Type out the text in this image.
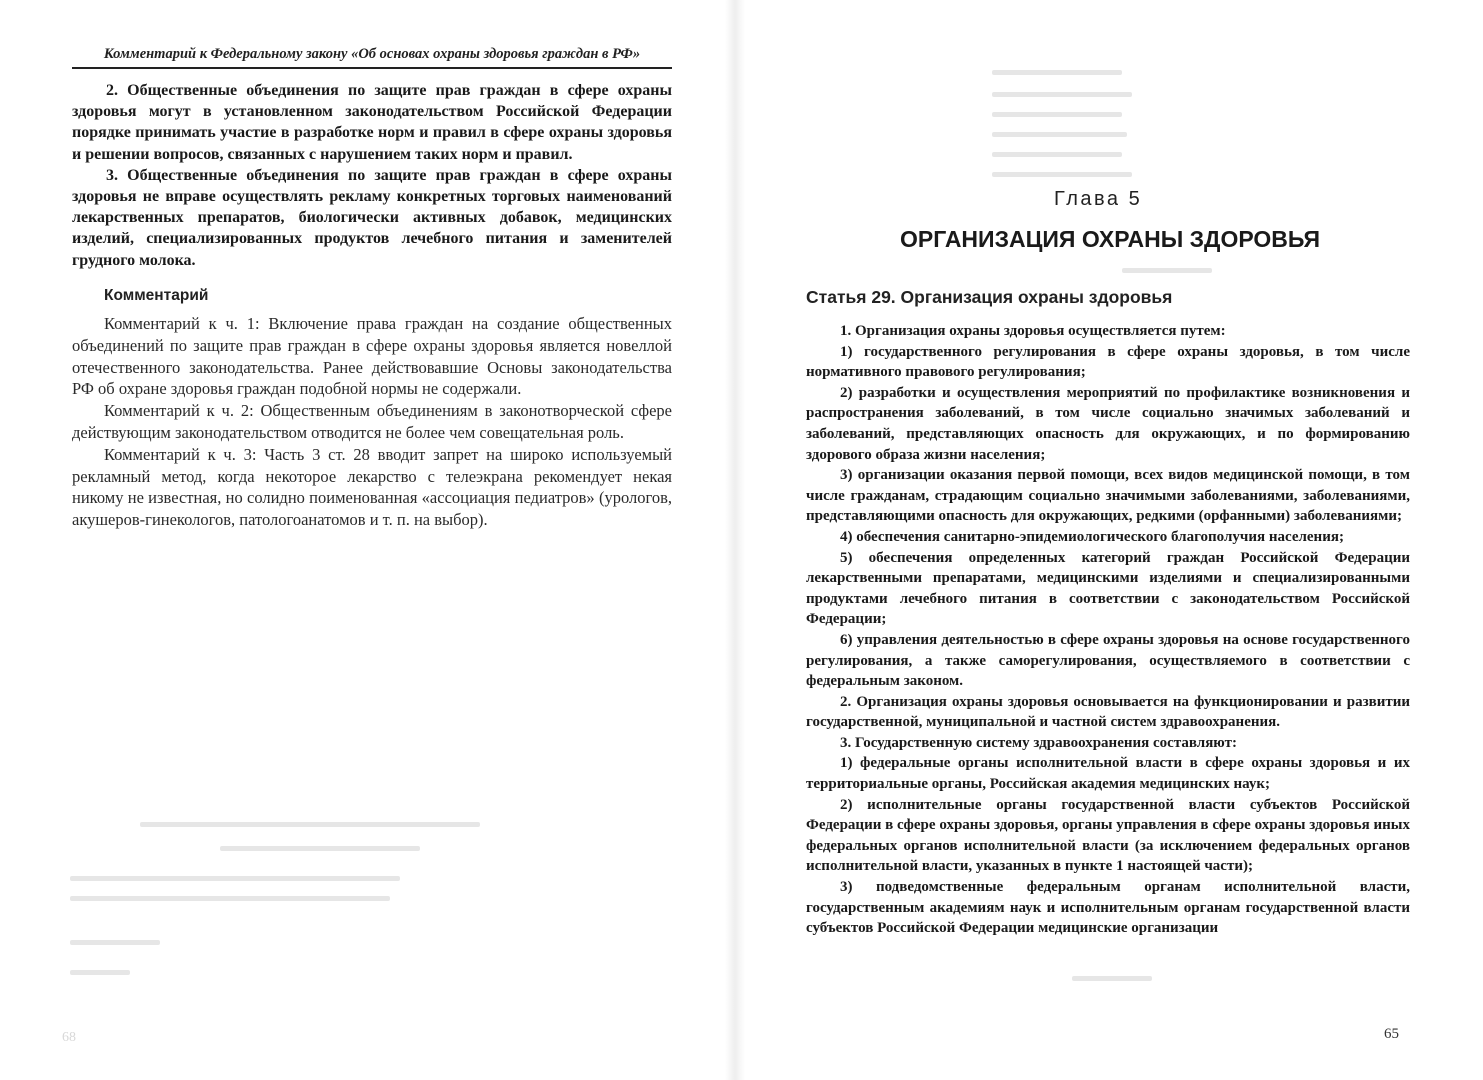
Комментарий к Федеральному закону «Об основах охраны здоровья граждан в РФ»

2. Общественные объединения по защите прав граждан в сфере охраны здоровья могут в установленном законодательством Российской Федерации порядке принимать участие в разработке норм и правил в сфере охраны здоровья и решении вопросов, связанных с нарушением таких норм и правил.

3. Общественные объединения по защите прав граждан в сфере охраны здоровья не вправе осуществлять рекламу конкретных торговых наименований лекарственных препаратов, биологически активных добавок, медицинских изделий, специализированных продуктов лечебного питания и заменителей грудного молока.

Комментарий

Комментарий к ч. 1: Включение права граждан на создание общественных объединений по защите прав граждан в сфере охраны здоровья является новеллой отечественного законодательства. Ранее действовавшие Основы законодательства РФ об охране здоровья граждан подобной нормы не содержали.

Комментарий к ч. 2: Общественным объединениям в законотворческой сфере действующим законодательством отводится не более чем совещательная роль.

Комментарий к ч. 3: Часть 3 ст. 28 вводит запрет на широко используемый рекламный метод, когда некоторое лекарство с телеэкрана рекомендует некая никому не известная, но солидно поименованная «ассоциация педиатров» (урологов, акушеров-гинекологов, патологоанатомов и т. п. на выбор).

68
Глава 5
ОРГАНИЗАЦИЯ ОХРАНЫ ЗДОРОВЬЯ
Статья 29. Организация охраны здоровья

1. Организация охраны здоровья осуществляется путем:

1) государственного регулирования в сфере охраны здоровья, в том числе нормативного правового регулирования;

2) разработки и осуществления мероприятий по профилактике возникновения и распространения заболеваний, в том числе социально значимых заболеваний и заболеваний, представляющих опасность для окружающих, и по формированию здорового образа жизни населения;

3) организации оказания первой помощи, всех видов медицинской помощи, в том числе гражданам, страдающим социально значимыми заболеваниями, заболеваниями, представляющими опасность для окружающих, редкими (орфанными) заболеваниями;

4) обеспечения санитарно-эпидемиологического благополучия населения;

5) обеспечения определенных категорий граждан Российской Федерации лекарственными препаратами, медицинскими изделиями и специализированными продуктами лечебного питания в соответствии с законодательством Российской Федерации;

6) управления деятельностью в сфере охраны здоровья на основе государственного регулирования, а также саморегулирования, осуществляемого в соответствии с федеральным законом.

2. Организация охраны здоровья основывается на функционировании и развитии государственной, муниципальной и частной систем здравоохранения.

3. Государственную систему здравоохранения составляют:

1) федеральные органы исполнительной власти в сфере охраны здоровья и их территориальные органы, Российская академия медицинских наук;

2) исполнительные органы государственной власти субъектов Российской Федерации в сфере охраны здоровья, органы управления в сфере охраны здоровья иных федеральных органов исполнительной власти (за исключением федеральных органов исполнительной власти, указанных в пункте 1 настоящей части);

3) подведомственные федеральным органам исполнительной власти, государственным академиям наук и исполнительным органам государственной власти субъектов Российской Федерации медицинские организации

65
